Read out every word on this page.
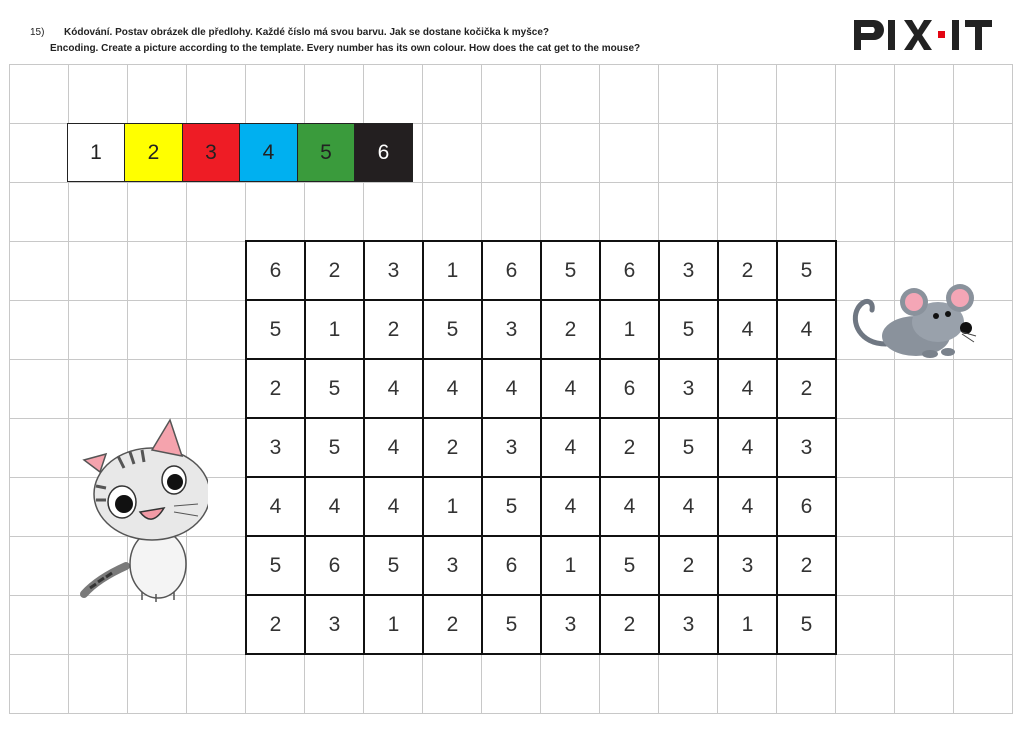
15) Kódování. Postav obrázek dle předlohy. Každé číslo má svou barvu. Jak se dostane kočička k myšce?
Encoding. Create a picture according to the template. Every number has its own colour. How does the cat get to the mouse?
1	2	3	4	5	6
6	2	3	1	6	5	6	3	2	5
5	1	2	5	3	2	1	5	4	4
2	5	4	4	4	4	6	3	4	2
3	5	4	2	3	4	2	5	4	3
4	4	4	1	5	4	4	4	4	6
5	6	5	3	6	1	5	2	3	2
2	3	1	2	5	3	2	3	1	5
